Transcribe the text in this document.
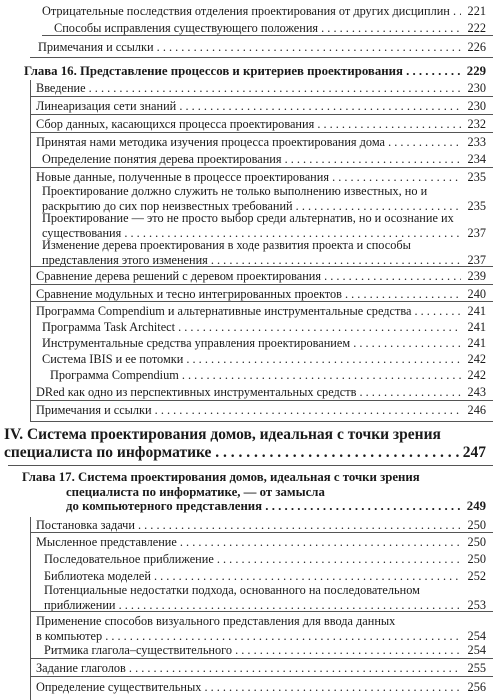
Отрицательные последствия отделения проектирования от других дисциплин . . .	221
Способы исправления существующего положения . . .	222
Примечания и ссылки . . .	226
Глава 16. Представление процессов и критериев проектирования . . .	229
Введение . . .	230
Линеаризация сети знаний . . .	230
Сбор данных, касающихся процесса проектирования . . .	232
Принятая нами методика изучения процесса проектирования дома . . .	233
Определение понятия дерева проектирования . . .	234
Новые данные, полученные в процессе проектирования . . .	235
Проектирование должно служить не только выполнению известных, но и
раскрытию до сих пор неизвестных требований . . .	235
Проектирование — это не просто выбор среди альтернатив, но и осознание их
существования . . .	237
Изменение дерева проектирования в ходе развития проекта и способы
представления этого изменения . . .	237
Сравнение дерева решений с деревом проектирования . . .	239
Сравнение модульных и тесно интегрированных проектов . . .	240
Программа Compendium и альтернативные инструментальные средства . . .	241
Программа Task Architect . . .	241
Инструментальные средства управления проектированием . . .	241
Система IBIS и ее потомки . . .	242
Программа Compendium . . .	242
DRed как одно из перспективных инструментальных средств . . .	243
Примечания и ссылки . . .	246
IV. Система проектирования домов, идеальная с точки зрения
специалиста по информатике . . .	247
Глава 17. Система проектирования домов, идеальная с точки зрения
специалиста по информатике, — от замысла
до компьютерного представления . . .	249
Постановка задачи . . .	250
Мысленное представление . . .	250
Последовательное приближение . . .	250
Библиотека моделей . . .	252
Потенциальные недостатки подхода, основанного на последовательном
приближении . . .	253
Применение способов визуального представления для ввода данных
в компьютер . . .	254
Ритмика глагола–существительного . . .	254
Задание глаголов . . .	255
Определение существительных . . .	256
